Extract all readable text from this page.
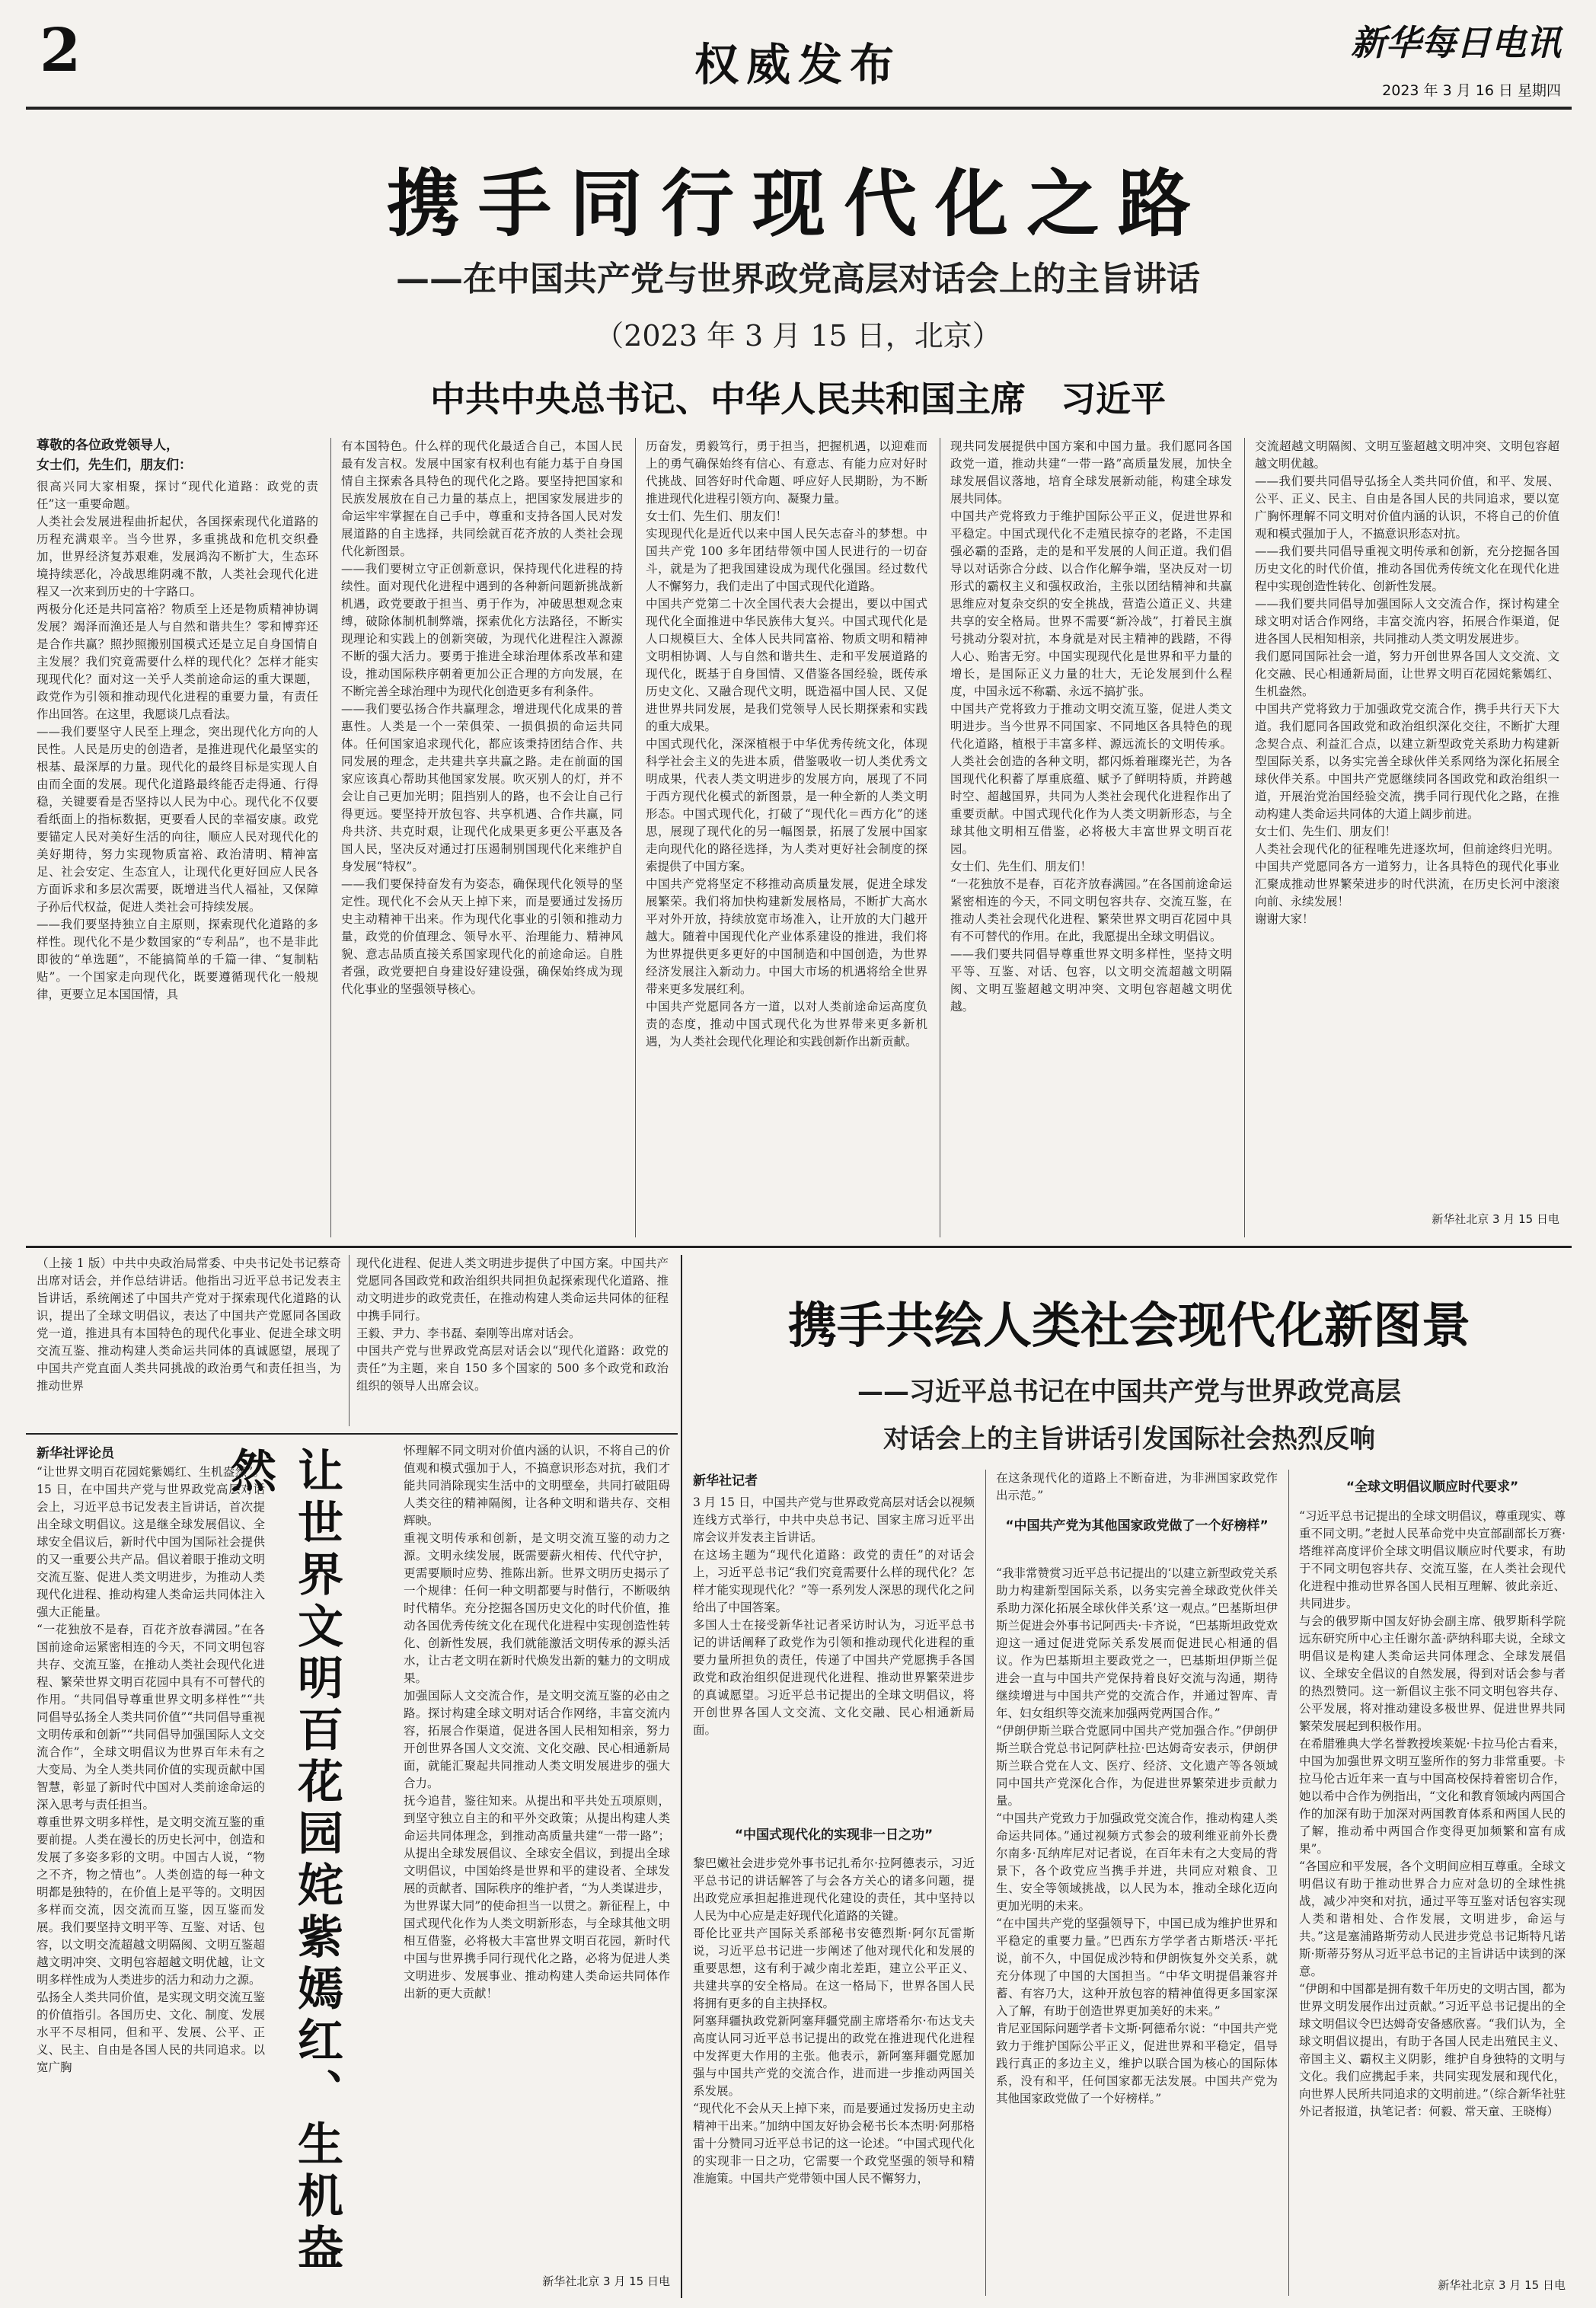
2	权威发布	新华每日电讯
2023 年 3 月 16 日 星期四
携手同行现代化之路
——在中国共产党与世界政党高层对话会上的主旨讲话
（2023 年 3 月 15 日，北京）
中共中央总书记、中华人民共和国主席　习近平
尊敬的各位政党领导人，
女士们，先生们，朋友们：
很高兴同大家相聚，探讨“现代化道路：政党的责任”这一重要命题。
人类社会发展进程曲折起伏，各国探索现代化道路的历程充满艰辛。当今世界，多重挑战和危机交织叠加，世界经济复苏艰难，发展鸿沟不断扩大，生态环境持续恶化，冷战思维阴魂不散，人类社会现代化进程又一次来到历史的十字路口。
两极分化还是共同富裕？物质至上还是物质精神协调发展？竭泽而渔还是人与自然和谐共生？零和博弈还是合作共赢？照抄照搬别国模式还是立足自身国情自主发展？我们究竟需要什么样的现代化？怎样才能实现现代化？面对这一关乎人类前途命运的重大课题，政党作为引领和推动现代化进程的重要力量，有责任作出回答。在这里，我愿谈几点看法。
——我们要坚守人民至上理念，突出现代化方向的人民性。人民是历史的创造者，是推进现代化最坚实的根基、最深厚的力量。现代化的最终目标是实现人自由而全面的发展。现代化道路最终能否走得通、行得稳，关键要看是否坚持以人民为中心。现代化不仅要看纸面上的指标数据，更要看人民的幸福安康。政党要锚定人民对美好生活的向往，顺应人民对现代化的美好期待，努力实现物质富裕、政治清明、精神富足、社会安定、生态宜人，让现代化更好回应人民各方面诉求和多层次需要，既增进当代人福祉，又保障子孙后代权益，促进人类社会可持续发展。
——我们要坚持独立自主原则，探索现代化道路的多样性。现代化不是少数国家的“专利品”，也不是非此即彼的“单选题”，不能搞简单的千篇一律、“复制粘贴”。一个国家走向现代化，既要遵循现代化一般规律，更要立足本国国情，具
有本国特色。什么样的现代化最适合自己，本国人民最有发言权。发展中国家有权利也有能力基于自身国情自主探索各具特色的现代化之路。要坚持把国家和民族发展放在自己力量的基点上，把国家发展进步的命运牢牢掌握在自己手中，尊重和支持各国人民对发展道路的自主选择，共同绘就百花齐放的人类社会现代化新图景。
——我们要树立守正创新意识，保持现代化进程的持续性。面对现代化进程中遇到的各种新问题新挑战新机遇，政党要敢于担当、勇于作为，冲破思想观念束缚，破除体制机制弊端，探索优化方法路径，不断实现理论和实践上的创新突破，为现代化进程注入源源不断的强大活力。要勇于推进全球治理体系改革和建设，推动国际秩序朝着更加公正合理的方向发展，在不断完善全球治理中为现代化创造更多有利条件。
——我们要弘扬合作共赢理念，增进现代化成果的普惠性。人类是一个一荣俱荣、一损俱损的命运共同体。任何国家追求现代化，都应该秉持团结合作、共同发展的理念，走共建共享共赢之路。走在前面的国家应该真心帮助其他国家发展。吹灭别人的灯，并不会让自己更加光明；阻挡别人的路，也不会让自己行得更远。要坚持开放包容、共享机遇、合作共赢，同舟共济、共克时艰，让现代化成果更多更公平惠及各国人民，坚决反对通过打压遏制别国现代化来维护自身发展“特权”。
——我们要保持奋发有为姿态，确保现代化领导的坚定性。现代化不会从天上掉下来，而是要通过发扬历史主动精神干出来。作为现代化事业的引领和推动力量，政党的价值理念、领导水平、治理能力、精神风貌、意志品质直接关系国家现代化的前途命运。自胜者强，政党要把自身建设好建设强，确保始终成为现代化事业的坚强领导核心。
历奋发，勇毅笃行，勇于担当，把握机遇，以迎难而上的勇气确保始终有信心、有意志、有能力应对好时代挑战、回答好时代命题、呼应好人民期盼，为不断推进现代化进程引领方向、凝聚力量。
女士们、先生们、朋友们！
实现现代化是近代以来中国人民矢志奋斗的梦想。中国共产党 100 多年团结带领中国人民进行的一切奋斗，就是为了把我国建设成为现代化强国。经过数代人不懈努力，我们走出了中国式现代化道路。
中国共产党第二十次全国代表大会提出，要以中国式现代化全面推进中华民族伟大复兴。中国式现代化是人口规模巨大、全体人民共同富裕、物质文明和精神文明相协调、人与自然和谐共生、走和平发展道路的现代化，既基于自身国情、又借鉴各国经验，既传承历史文化、又融合现代文明，既造福中国人民、又促进世界共同发展，是我们党领导人民长期探索和实践的重大成果。
中国式现代化，深深植根于中华优秀传统文化，体现科学社会主义的先进本质，借鉴吸收一切人类优秀文明成果，代表人类文明进步的发展方向，展现了不同于西方现代化模式的新图景，是一种全新的人类文明形态。中国式现代化，打破了“现代化＝西方化”的迷思，展现了现代化的另一幅图景，拓展了发展中国家走向现代化的路径选择，为人类对更好社会制度的探索提供了中国方案。
中国共产党将坚定不移推动高质量发展，促进全球发展繁荣。我们将加快构建新发展格局，不断扩大高水平对外开放，持续放宽市场准入，让开放的大门越开越大。随着中国现代化产业体系建设的推进，我们将为世界提供更多更好的中国制造和中国创造，为世界经济发展注入新动力。中国大市场的机遇将给全世界带来更多发展红利。
中国共产党愿同各方一道，以对人类前途命运高度负责的态度，推动中国式现代化为世界带来更多新机遇，为人类社会现代化理论和实践创新作出新贡献。
现共同发展提供中国方案和中国力量。我们愿同各国政党一道，推动共建“一带一路”高质量发展，加快全球发展倡议落地，培育全球发展新动能，构建全球发展共同体。
中国共产党将致力于维护国际公平正义，促进世界和平稳定。中国式现代化不走殖民掠夺的老路，不走国强必霸的歪路，走的是和平发展的人间正道。我们倡导以对话弥合分歧、以合作化解争端，坚决反对一切形式的霸权主义和强权政治，主张以团结精神和共赢思维应对复杂交织的安全挑战，营造公道正义、共建共享的安全格局。世界不需要“新冷战”，打着民主旗号挑动分裂对抗，本身就是对民主精神的践踏，不得人心、贻害无穷。中国实现现代化是世界和平力量的增长，是国际正义力量的壮大，无论发展到什么程度，中国永远不称霸、永远不搞扩张。
中国共产党将致力于推动文明交流互鉴，促进人类文明进步。当今世界不同国家、不同地区各具特色的现代化道路，植根于丰富多样、源远流长的文明传承。人类社会创造的各种文明，都闪烁着璀璨光芒，为各国现代化积蓄了厚重底蕴、赋予了鲜明特质，并跨越时空、超越国界，共同为人类社会现代化进程作出了重要贡献。中国式现代化作为人类文明新形态，与全球其他文明相互借鉴，必将极大丰富世界文明百花园。
女士们、先生们、朋友们！
“一花独放不是春，百花齐放春满园。”在各国前途命运紧密相连的今天，不同文明包容共存、交流互鉴，在推动人类社会现代化进程、繁荣世界文明百花园中具有不可替代的作用。在此，我愿提出全球文明倡议。
——我们要共同倡导尊重世界文明多样性，坚持文明平等、互鉴、对话、包容，以文明交流超越文明隔阂、文明互鉴超越文明冲突、文明包容超越文明优越。
交流超越文明隔阂、文明互鉴超越文明冲突、文明包容超越文明优越。
——我们要共同倡导弘扬全人类共同价值，和平、发展、公平、正义、民主、自由是各国人民的共同追求，要以宽广胸怀理解不同文明对价值内涵的认识，不将自己的价值观和模式强加于人，不搞意识形态对抗。
——我们要共同倡导重视文明传承和创新，充分挖掘各国历史文化的时代价值，推动各国优秀传统文化在现代化进程中实现创造性转化、创新性发展。
——我们要共同倡导加强国际人文交流合作，探讨构建全球文明对话合作网络，丰富交流内容，拓展合作渠道，促进各国人民相知相亲，共同推动人类文明发展进步。
我们愿同国际社会一道，努力开创世界各国人文交流、文化交融、民心相通新局面，让世界文明百花园姹紫嫣红、生机盎然。
中国共产党将致力于加强政党交流合作，携手共行天下大道。我们愿同各国政党和政治组织深化交往，不断扩大理念契合点、利益汇合点，以建立新型政党关系助力构建新型国际关系，以务实完善全球伙伴关系网络为深化拓展全球伙伴关系。中国共产党愿继续同各国政党和政治组织一道，开展治党治国经验交流，携手同行现代化之路，在推动构建人类命运共同体的大道上阔步前进。
女士们、先生们、朋友们！
人类社会现代化的征程唯先进逐坎坷，但前途终归光明。中国共产党愿同各方一道努力，让各具特色的现代化事业汇聚成推动世界繁荣进步的时代洪流，在历史长河中滚滚向前、永续发展！
谢谢大家！
新华社北京 3 月 15 日电
（上接 1 版）中共中央政治局常委、中央书记处书记蔡奇出席对话会，并作总结讲话。他指出习近平总书记发表主旨讲话，系统阐述了中国共产党对于探索现代化道路的认识，提出了全球文明倡议，表达了中国共产党愿同各国政党一道，推进具有本国特色的现代化事业、促进全球文明交流互鉴、推动构建人类命运共同体的真诚愿望，展现了中国共产党直面人类共同挑战的政治勇气和责任担当，为推动世界
现代化进程、促进人类文明进步提供了中国方案。中国共产党愿同各国政党和政治组织共同担负起探索现代化道路、推动文明进步的政党责任，在推动构建人类命运共同体的征程中携手同行。
王毅、尹力、李书磊、秦刚等出席对话会。
中国共产党与世界政党高层对话会以“现代化道路：政党的责任”为主题，来自 150 多个国家的 500 多个政党和政治组织的领导人出席会议。
新华社评论员
“让世界文明百花园姹紫嫣红、生机盎然”。15 日，在中国共产党与世界政党高层对话会上，习近平总书记发表主旨讲话，首次提出全球文明倡议。这是继全球发展倡议、全球安全倡议后，新时代中国为国际社会提供的又一重要公共产品。倡议着眼于推动文明交流互鉴、促进人类文明进步，为推动人类现代化进程、推动构建人类命运共同体注入强大正能量。
“一花独放不是春，百花齐放春满园。”在各国前途命运紧密相连的今天，不同文明包容共存、交流互鉴，在推动人类社会现代化进程、繁荣世界文明百花园中具有不可替代的作用。“共同倡导尊重世界文明多样性”“共同倡导弘扬全人类共同价值”“共同倡导重视文明传承和创新”“共同倡导加强国际人文交流合作”，全球文明倡议为世界百年未有之大变局、为全人类共同价值的实现贡献中国智慧，彰显了新时代中国对人类前途命运的深入思考与责任担当。
尊重世界文明多样性，是文明交流互鉴的重要前提。人类在漫长的历史长河中，创造和发展了多姿多彩的文明。中国古人说，“物之不齐，物之情也”。人类创造的每一种文明都是独特的，在价值上是平等的。文明因多样而交流，因交流而互鉴，因互鉴而发展。我们要坚持文明平等、互鉴、对话、包容，以文明交流超越文明隔阂、文明互鉴超越文明冲突、文明包容超越文明优越，让文明多样性成为人类进步的活力和动力之源。
弘扬全人类共同价值，是实现文明交流互鉴的价值指引。各国历史、文化、制度、发展水平不尽相同，但和平、发展、公平、正义、民主、自由是各国人民的共同追求。以宽广胸	让世界文明百花园姹紫嫣红、生机盎然	怀理解不同文明对价值内涵的认识，不将自己的价值观和模式强加于人，不搞意识形态对抗，我们才能共同消除现实生活中的文明壁垒，共同打破阻碍人类交往的精神隔阂，让各种文明和谐共存、交相辉映。
重视文明传承和创新，是文明交流互鉴的动力之源。文明永续发展，既需要薪火相传、代代守护，更需要顺时应势、推陈出新。世界文明历史揭示了一个规律：任何一种文明都要与时偕行，不断吸纳时代精华。充分挖掘各国历史文化的时代价值，推动各国优秀传统文化在现代化进程中实现创造性转化、创新性发展，我们就能激活文明传承的源头活水，让古老文明在新时代焕发出新的魅力的文明成果。
加强国际人文交流合作，是文明交流互鉴的必由之路。探讨构建全球文明对话合作网络，丰富交流内容，拓展合作渠道，促进各国人民相知相亲，努力开创世界各国人文交流、文化交融、民心相通新局面，就能汇聚起共同推动人类文明发展进步的强大合力。
抚今追昔，鉴往知来。从提出和平共处五项原则，到坚守独立自主的和平外交政策；从提出构建人类命运共同体理念，到推动高质量共建“一带一路”；从提出全球发展倡议、全球安全倡议，到提出全球文明倡议，中国始终是世界和平的建设者、全球发展的贡献者、国际秩序的维护者，“为人类谋进步，为世界谋大同”的使命担当一以贯之。新征程上，中国式现代化作为人类文明新形态，与全球其他文明相互借鉴，必将极大丰富世界文明百花园，新时代中国与世界携手同行现代化之路，必将为促进人类文明进步、发展事业、推动构建人类命运共同体作出新的更大贡献！
新华社北京 3 月 15 日电
携手共绘人类社会现代化新图景
——习近平总书记在中国共产党与世界政党高层
对话会上的主旨讲话引发国际社会热烈反响
新华社记者
3 月 15 日，中国共产党与世界政党高层对话会以视频连线方式举行，中共中央总书记、国家主席习近平出席会议并发表主旨讲话。
在这场主题为“现代化道路：政党的责任”的对话会上，习近平总书记“我们究竟需要什么样的现代化？怎样才能实现现代化？”等一系列发人深思的现代化之问给出了中国答案。
多国人士在接受新华社记者采访时认为，习近平总书记的讲话阐释了政党作为引领和推动现代化进程的重要力量所担负的责任，传递了中国共产党愿携手各国政党和政治组织促进现代化进程、推动世界繁荣进步的真诚愿望。习近平总书记提出的全球文明倡议，将开创世界各国人文交流、文化交融、民心相通新局面。
“中国式现代化的实现非一日之功”
黎巴嫩社会进步党外事书记扎希尔·拉阿德表示，习近平总书记的讲话解答了与会各方关心的诸多问题，提出政党应承担起推进现代化建设的责任，其中坚持以人民为中心应是走好现代化道路的关键。
哥伦比亚共产国际关系部秘书安德烈斯·阿尔瓦雷斯说，习近平总书记进一步阐述了他对现代化和发展的重要思想，这有利于减少南北差距，建立公平正义、共建共享的安全格局。在这一格局下，世界各国人民将拥有更多的自主抉择权。
阿塞拜疆执政党新阿塞拜疆党副主席塔希尔·布达戈夫高度认同习近平总书记提出的政党在推进现代化进程中发挥更大作用的主张。他表示，新阿塞拜疆党愿加强与中国共产党的交流合作，进而进一步推动两国关系发展。
“现代化不会从天上掉下来，而是要通过发扬历史主动精神干出来。”加纳中国友好协会秘书长本杰明·阿那格雷十分赞同习近平总书记的这一论述。“中国式现代化的实现非一日之功，它需要一个政党坚强的领导和精准施策。中国共产党带领中国人民不懈努力，
在这条现代化的道路上不断奋进，为非洲国家政党作出示范。”
“中国共产党为其他国家政党做了一个好榜样”
“我非常赞赏习近平总书记提出的‘以建立新型政党关系助力构建新型国际关系，以务实完善全球政党伙伴关系助力深化拓展全球伙伴关系’这一观点。”巴基斯坦伊斯兰促进会外事书记阿西夫·卡齐说，“巴基斯坦政党欢迎这一通过促进党际关系发展而促进民心相通的倡议。作为巴基斯坦主要政党之一，巴基斯坦伊斯兰促进会一直与中国共产党保持着良好交流与沟通，期待继续增进与中国共产党的交流合作，并通过智库、青年、妇女组织等交流来加强两党两国合作。”
“伊朗伊斯兰联合党愿同中国共产党加强合作。”伊朗伊斯兰联合党总书记阿萨杜拉·巴达姆奇安表示，伊朗伊斯兰联合党在人文、医疗、经济、文化遗产等各领域同中国共产党深化合作，为促进世界繁荣进步贡献力量。
“中国共产党致力于加强政党交流合作，推动构建人类命运共同体。”通过视频方式参会的玻利维亚前外长费尔南多·瓦纳库尼对记者说，在百年未有之大变局的背景下，各个政党应当携手并进，共同应对粮食、卫生、安全等领域挑战，以人民为本，推动全球化迈向更加光明的未来。
“在中国共产党的坚强领导下，中国已成为维护世界和平稳定的重要力量。”巴西东方学学者古斯塔沃·平托说，前不久，中国促成沙特和伊朗恢复外交关系，就充分体现了中国的大国担当。“中华文明提倡兼容并蓄、有容乃大，这种开放包容的精神值得更多国家深入了解，有助于创造世界更加美好的未来。”
肯尼亚国际问题学者卡文斯·阿德希尔说：“中国共产党致力于维护国际公平正义，促进世界和平稳定，倡导践行真正的多边主义，维护以联合国为核心的国际体系，没有和平，任何国家都无法发展。中国共产党为其他国家政党做了一个好榜样。”
“全球文明倡议顺应时代要求”
“习近平总书记提出的全球文明倡议，尊重现实、尊重不同文明。”老挝人民革命党中央宣部副部长万赛·塔维祥高度评价全球文明倡议顺应时代要求，有助于不同文明包容共存、交流互鉴，在人类社会现代化进程中推动世界各国人民相互理解、彼此亲近、共同进步。
与会的俄罗斯中国友好协会副主席、俄罗斯科学院远东研究所中心主任谢尔盖·萨纳科耶夫说，全球文明倡议是构建人类命运共同体理念、全球发展倡议、全球安全倡议的自然发展，得到对话会参与者的热烈赞同。这一新倡议主张不同文明包容共存、公平发展，将对推动建设多极世界、促进世界共同繁荣发展起到积极作用。
在希腊雅典大学名誉教授埃莱妮·卡拉马伦古看来，中国为加强世界文明互鉴所作的努力非常重要。卡拉马伦古近年来一直与中国高校保持着密切合作，她以希中合作为例指出，“文化和教育领域内两国合作的加深有助于加深对两国教育体系和两国人民的了解，推动希中两国合作变得更加频繁和富有成果”。
“各国应和平发展，各个文明间应相互尊重。全球文明倡议有助于推动世界合力应对急切的全球性挑战，减少冲突和对抗，通过平等互鉴对话包容实现人类和谐相处、合作发展，文明进步，命运与共。”这是塞浦路斯劳动人民进步党总书记斯特凡诺斯·斯蒂芬努从习近平总书记的主旨讲话中读到的深意。
“伊朗和中国都是拥有数千年历史的文明古国，都为世界文明发展作出过贡献。”习近平总书记提出的全球文明倡议令巴达姆奇安备感欣喜。“我们认为，全球文明倡议提出，有助于各国人民走出殖民主义、帝国主义、霸权主义阴影，维护自身独特的文明与文化。我们应携起手来，共同实现发展和现代化，向世界人民所共同追求的文明前进。”（综合新华社驻外记者报道，执笔记者：何毅、常天童、王晓梅）
新华社北京 3 月 15 日电
